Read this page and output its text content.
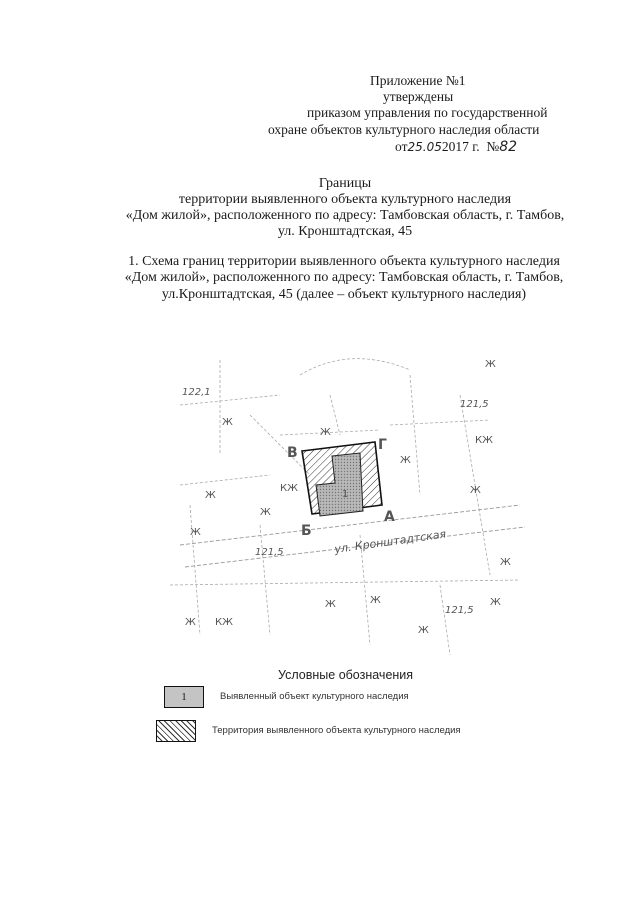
Приложение №1
утверждены
приказом управления по государственной
охране объектов культурного наследия области
от25.052017 г. №82
Границы
территории выявленного объекта культурного наследия
«Дом жилой», расположенного по адресу: Тамбовская область, г. Тамбов,
ул. Кронштадтская, 45
1. Схема границ территории выявленного объекта культурного наследия
«Дом жилой», расположенного по адресу: Тамбовская область, г. Тамбов,
ул.Кронштадтская, 45 (далее – объект культурного наследия)
В	Г
А
Б
1
122,1
121,5
121,5
121,5
ул. Кронштадтская
Ж
Ж
Ж
КЖ
Ж
Ж
Ж
Ж
КЖ
Ж
КЖ
Ж
Ж	Ж	Ж
Ж
Ж
Условные обозначения
1	Выявленный объект культурного наследия
Территория выявленного объекта культурного наследия
